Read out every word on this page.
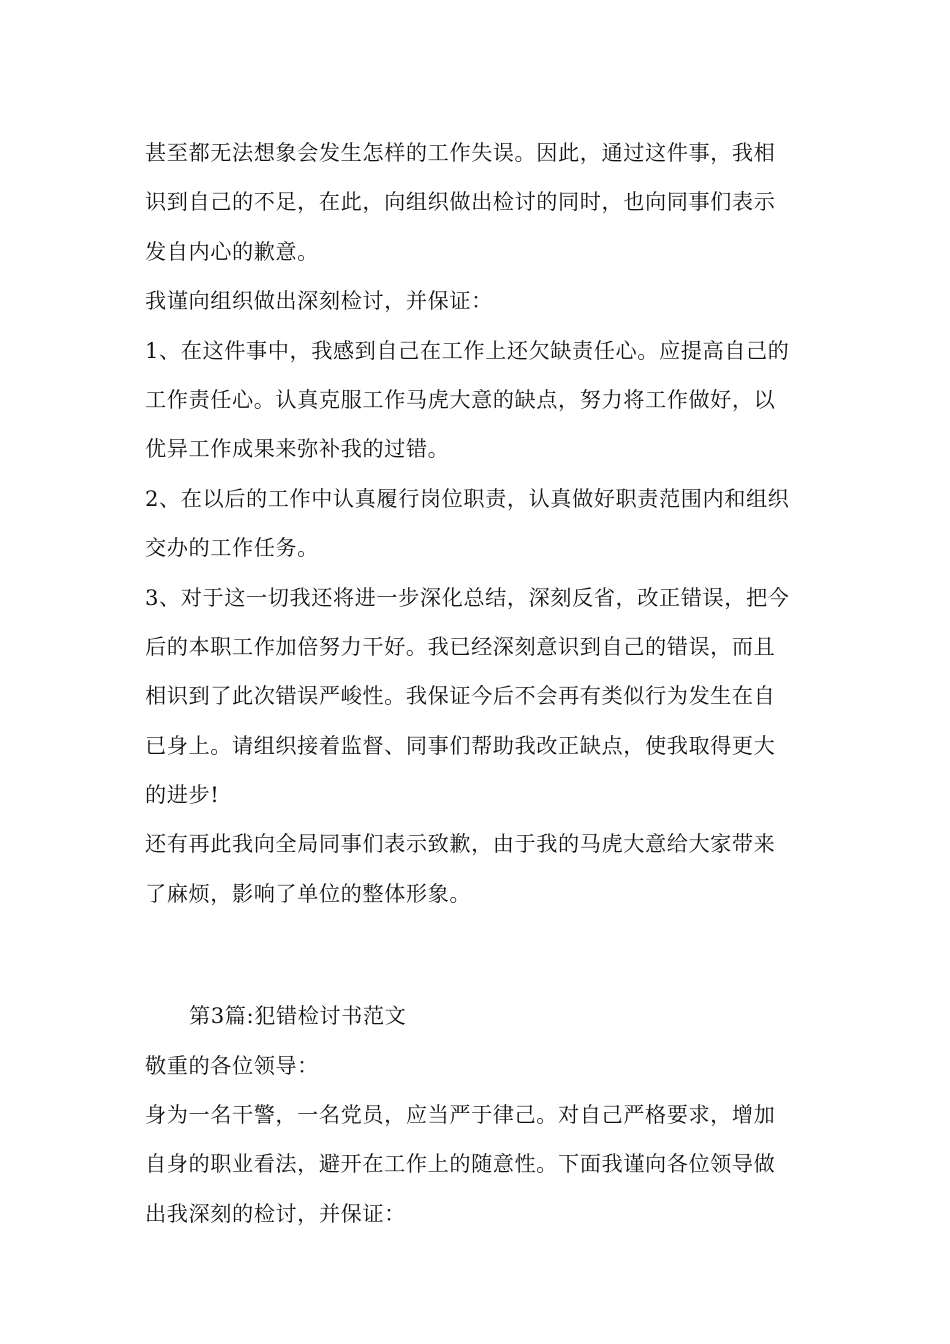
甚至都无法想象会发生怎样的工作失误。因此，通过这件事，我相
识到自己的不足，在此，向组织做出检讨的同时，也向同事们表示
发自内心的歉意。
我谨向组织做出深刻检讨，并保证：
1、在这件事中，我感到自己在工作上还欠缺责任心。应提高自己的
工作责任心。认真克服工作马虎大意的缺点，努力将工作做好，以
优异工作成果来弥补我的过错。
2、在以后的工作中认真履行岗位职责，认真做好职责范围内和组织
交办的工作任务。
3、对于这一切我还将进一步深化总结，深刻反省，改正错误，把今
后的本职工作加倍努力干好。我已经深刻意识到自己的错误，而且
相识到了此次错误严峻性。我保证今后不会再有类似行为发生在自
已身上。请组织接着监督、同事们帮助我改正缺点，使我取得更大
的进步!
还有再此我向全局同事们表示致歉，由于我的马虎大意给大家带来
了麻烦，影响了单位的整体形象。
第3篇:犯错检讨书范文
敬重的各位领导：
身为一名干警，一名党员，应当严于律己。对自己严格要求，增加
自身的职业看法，避开在工作上的随意性。下面我谨向各位领导做
出我深刻的检讨，并保证：
